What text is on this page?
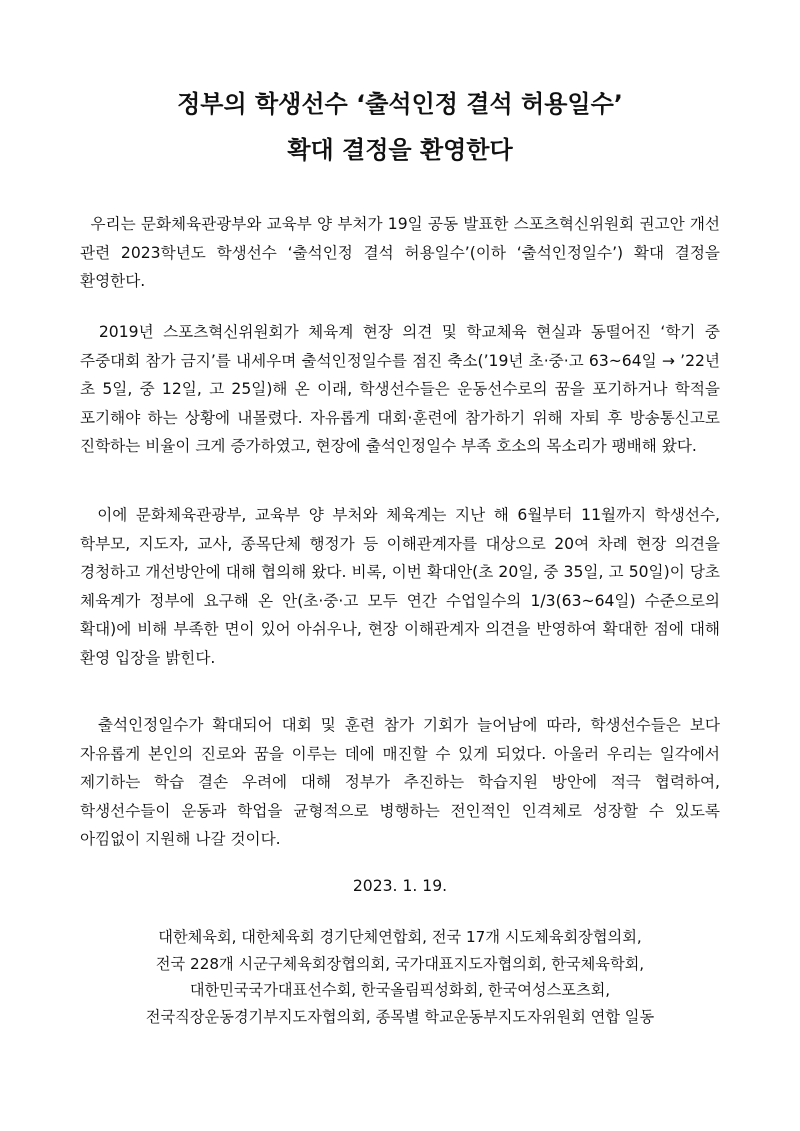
정부의 학생선수 ‘출석인정 결석 허용일수’
확대 결정을 환영한다

우리는 문화체육관광부와 교육부 양 부처가 19일 공동 발표한 스포츠혁신위원회 권고안 개선 관련 2023학년도 학생선수 ‘출석인정 결석 허용일수’(이하 ‘출석인정일수’) 확대 결정을 환영한다.

2019년 스포츠혁신위원회가 체육계 현장 의견 및 학교체육 현실과 동떨어진 ‘학기 중 주중대회 참가 금지’를 내세우며 출석인정일수를 점진 축소(’19년 초·중·고 63~64일 → ’22년 초 5일, 중 12일, 고 25일)해 온 이래, 학생선수들은 운동선수로의 꿈을 포기하거나 학적을 포기해야 하는 상황에 내몰렸다. 자유롭게 대회·훈련에 참가하기 위해 자퇴 후 방송통신고로 진학하는 비율이 크게 증가하였고, 현장에 출석인정일수 부족 호소의 목소리가 팽배해 왔다.

이에 문화체육관광부, 교육부 양 부처와 체육계는 지난 해 6월부터 11월까지 학생선수, 학부모, 지도자, 교사, 종목단체 행정가 등 이해관계자를 대상으로 20여 차례 현장 의견을 경청하고 개선방안에 대해 협의해 왔다. 비록, 이번 확대안(초 20일, 중 35일, 고 50일)이 당초 체육계가 정부에 요구해 온 안(초·중·고 모두 연간 수업일수의 1/3(63~64일) 수준으로의 확대)에 비해 부족한 면이 있어 아쉬우나, 현장 이해관계자 의견을 반영하여 확대한 점에 대해 환영 입장을 밝힌다.

출석인정일수가 확대되어 대회 및 훈련 참가 기회가 늘어남에 따라, 학생선수들은 보다 자유롭게 본인의 진로와 꿈을 이루는 데에 매진할 수 있게 되었다. 아울러 우리는 일각에서 제기하는 학습 결손 우려에 대해 정부가 추진하는 학습지원 방안에 적극 협력하여, 학생선수들이 운동과 학업을 균형적으로 병행하는 전인적인 인격체로 성장할 수 있도록 아낌없이 지원해 나갈 것이다.

2023. 1. 19.

대한체육회, 대한체육회 경기단체연합회, 전국 17개 시도체육회장협의회,
전국 228개 시군구체육회장협의회, 국가대표지도자협의회, 한국체육학회,
대한민국국가대표선수회, 한국올림픽성화회, 한국여성스포츠회,
전국직장운동경기부지도자협의회, 종목별 학교운동부지도자위원회 연합 일동
